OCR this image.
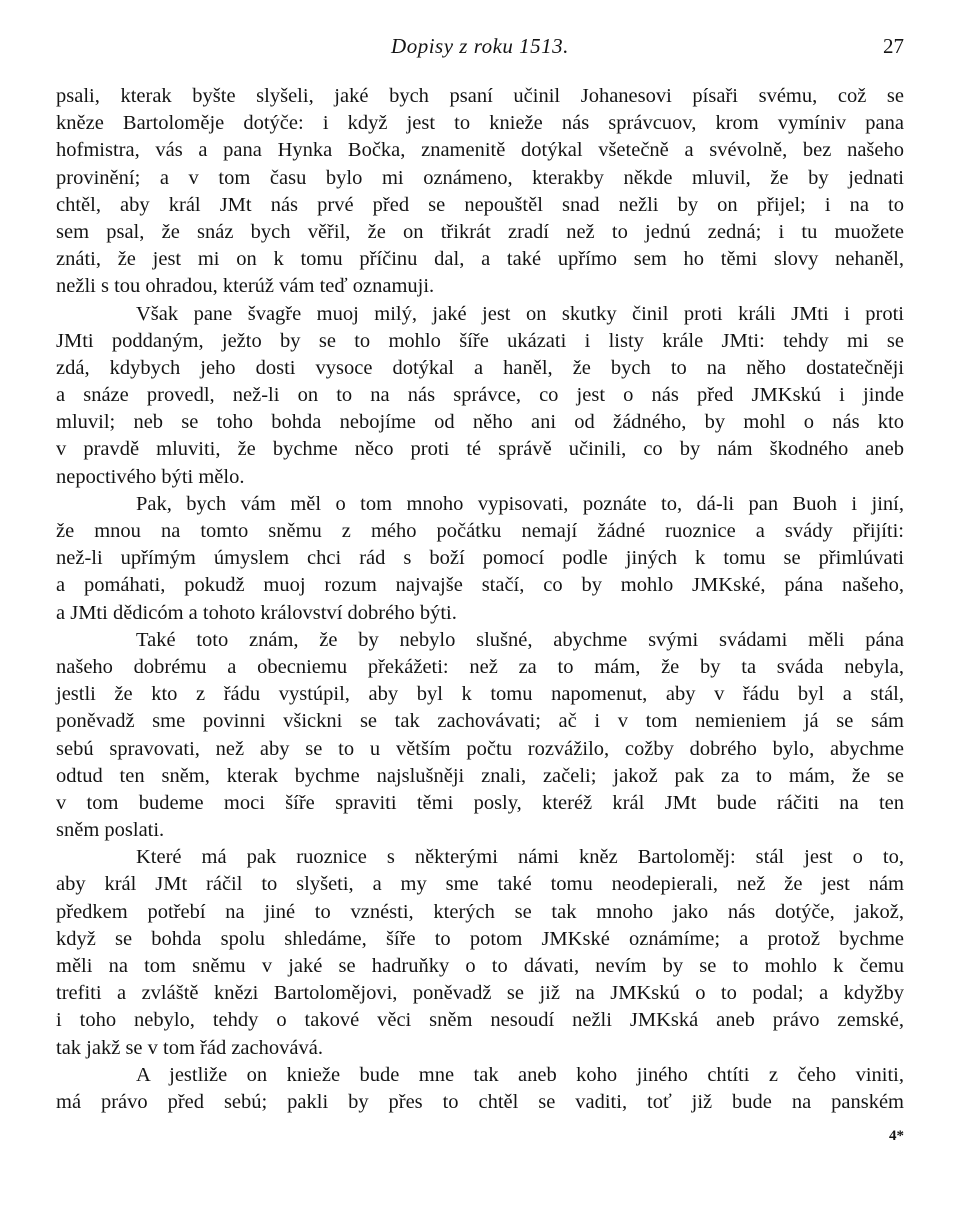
Dopisy z roku 1513.	27
psali, kterak byšte slyšeli, jaké bych psaní učinil Johanesovi písaři svému, což se
kněze Bartoloměje dotýče: i když jest to knieže nás správcuov, krom vymíniv pana
hofmistra, vás a pana Hynka Bočka, znamenitě dotýkal všetečně a svévolně, bez našeho
provinění; a v tom času bylo mi oznámeno, kterakby někde mluvil, že by jednati
chtěl, aby král JMt nás prvé před se nepouštěl snad nežli by on přijel; i na to
sem psal, že snáz bych věřil, že on třikrát zradí než to jednú zedná; i tu muožete
znáti, že jest mi on k tomu příčinu dal, a také upřímo sem ho těmi slovy nehaněl,
nežli s tou ohradou, kterúž vám teď oznamuji.
Však pane švagře muoj milý, jaké jest on skutky činil proti králi JMti i proti
JMti poddaným, ježto by se to mohlo šíře ukázati i listy krále JMti: tehdy mi se
zdá, kdybych jeho dosti vysoce dotýkal a haněl, že bych to na něho dostatečněji
a snáze provedl, než-li on to na nás správce, co jest o nás před JMKskú i jinde
mluvil; neb se toho bohda nebojíme od něho ani od žádného, by mohl o nás kto
v pravdě mluviti, že bychme něco proti té správě učinili, co by nám škodného aneb
nepoctivého býti mělo.
Pak, bych vám měl o tom mnoho vypisovati, poznáte to, dá-li pan Buoh i jiní,
že mnou na tomto sněmu z mého počátku nemají žádné ruoznice a svády přijíti:
než-li upřímým úmyslem chci rád s boží pomocí podle jiných k tomu se přimlúvati
a pomáhati, pokudž muoj rozum najvajše stačí, co by mohlo JMKské, pána našeho,
a JMti dědicóm a tohoto království dobrého býti.
Také toto znám, že by nebylo slušné, abychme svými svádami měli pána
našeho dobrému a obecniemu překážeti: než za to mám, že by ta sváda nebyla,
jestli že kto z řádu vystúpil, aby byl k tomu napomenut, aby v řádu byl a stál,
poněvadž sme povinni všickni se tak zachovávati; ač i v tom nemieniem já se sám
sebú spravovati, než aby se to u větším počtu rozvážilo, cožby dobrého bylo, abychme
odtud ten sněm, kterak bychme najslušněji znali, začeli; jakož pak za to mám, že se
v tom budeme moci šíře spraviti těmi posly, kteréž král JMt bude ráčiti na ten
sněm poslati.
Které má pak ruoznice s některými námi kněz Bartoloměj: stál jest o to,
aby král JMt ráčil to slyšeti, a my sme také tomu neodepierali, než že jest nám
předkem potřebí na jiné to vznésti, kterých se tak mnoho jako nás dotýče, jakož,
když se bohda spolu shledáme, šíře to potom JMKské oznámíme; a protož bychme
měli na tom sněmu v jaké se hadruňky o to dávati, nevím by se to mohlo k čemu
trefiti a zvláště knězi Bartolomějovi, poněvadž se již na JMKskú o to podal; a kdyžby
i toho nebylo, tehdy o takové věci sněm nesoudí nežli JMKská aneb právo zemské,
tak jakž se v tom řád zachovává.
A jestliže on knieže bude mne tak aneb koho jiného chtíti z čeho viniti,
má právo před sebú; pakli by přes to chtěl se vaditi, toť již bude na panském
4*
